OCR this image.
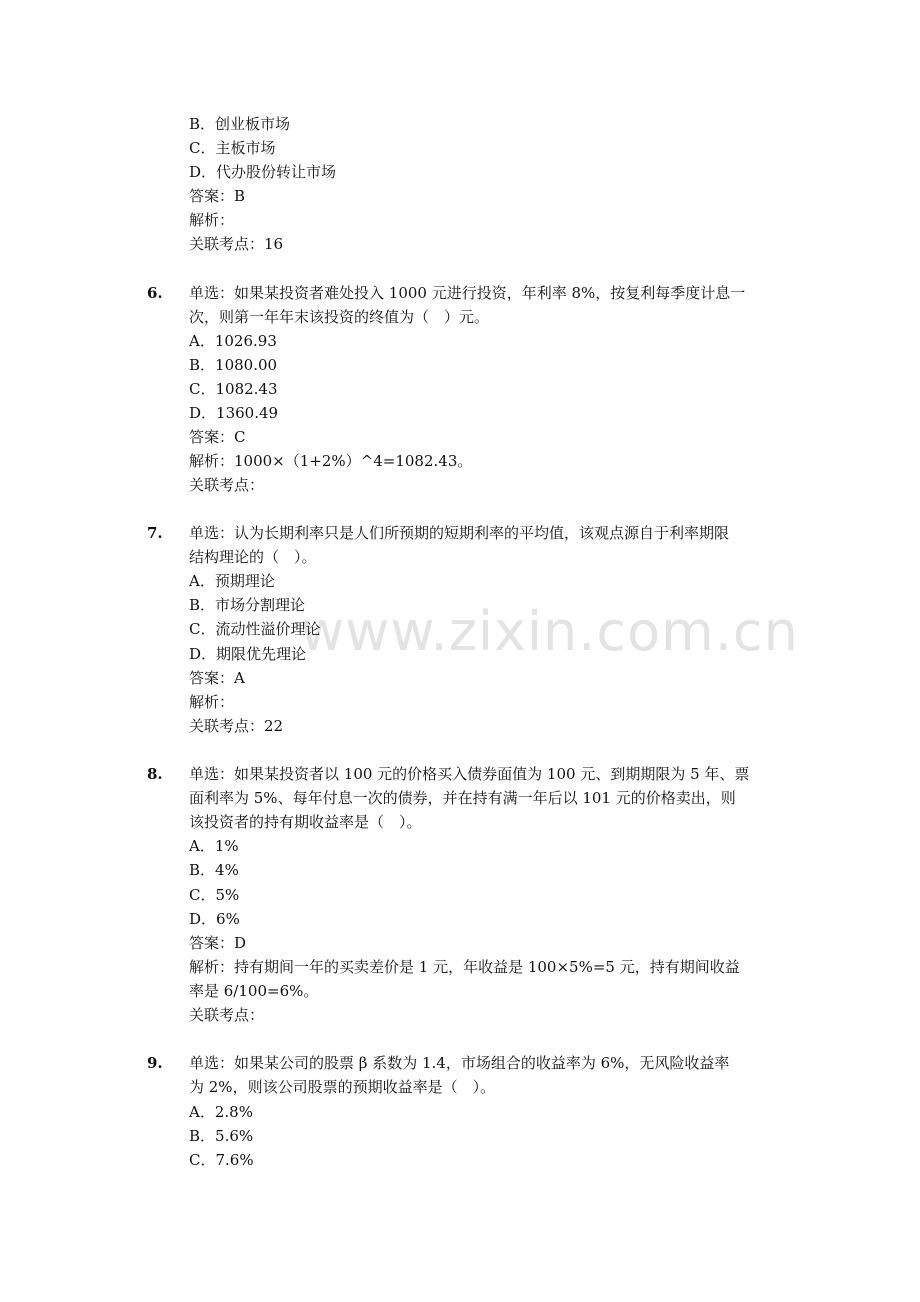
www.zixin.com.cn
B．创业板市场
C．主板市场
D．代办股份转让市场
答案：B
解析：
关联考点：16
6. 单选：如果某投资者难处投入 1000 元进行投资，年利率 8%，按复利每季度计息一
次，则第一年年末该投资的终值为（　）元。
A．1026.93
B．1080.00
C．1082.43
D．1360.49
答案：C
解析：1000×（1+2%）^4=1082.43。
关联考点：
7. 单选：认为长期利率只是人们所预期的短期利率的平均值，该观点源自于利率期限
结构理论的（　）。
A．预期理论
B．市场分割理论
C．流动性溢价理论
D．期限优先理论
答案：A
解析：
关联考点：22
8. 单选：如果某投资者以 100 元的价格买入债券面值为 100 元、到期期限为 5 年、票
面利率为 5%、每年付息一次的债券，并在持有满一年后以 101 元的价格卖出，则
该投资者的持有期收益率是（　）。
A．1%
B．4%
C．5%
D．6%
答案：D
解析：持有期间一年的买卖差价是 1 元，年收益是 100×5%=5 元，持有期间收益
率是 6/100=6%。
关联考点：
9. 单选：如果某公司的股票 β 系数为 1.4，市场组合的收益率为 6%，无风险收益率
为 2%，则该公司股票的预期收益率是（　）。
A．2.8%
B．5.6%
C．7.6%
